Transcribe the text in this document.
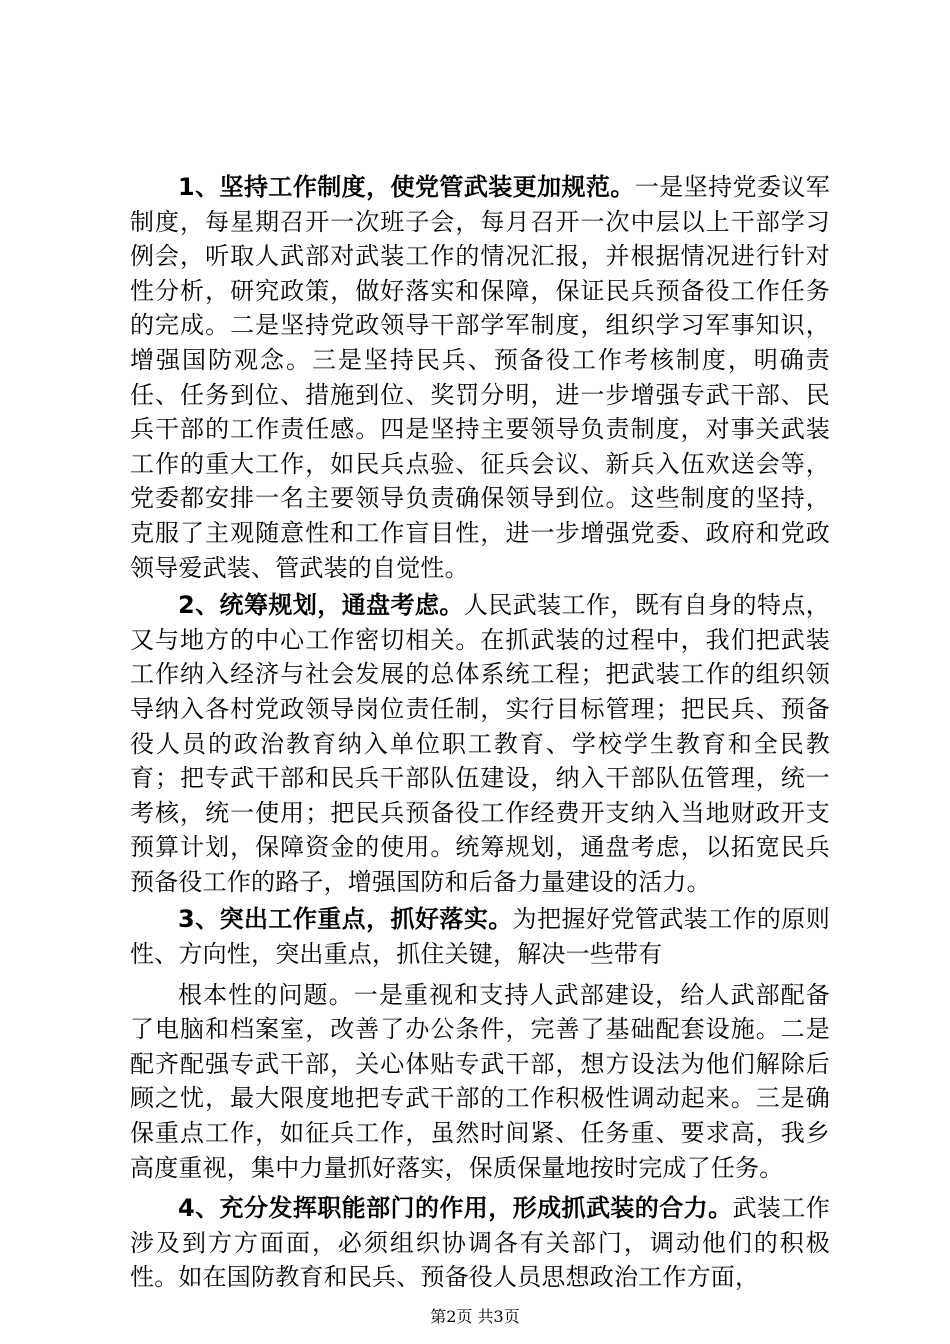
1、坚持工作制度，使党管武装更加规范。一是坚持党委议军制度，每星期召开一次班子会，每月召开一次中层以上干部学习例会，听取人武部对武装工作的情况汇报，并根据情况进行针对性分析，研究政策，做好落实和保障，保证民兵预备役工作任务的完成。二是坚持党政领导干部学军制度，组织学习军事知识，增强国防观念。三是坚持民兵、预备役工作考核制度，明确责任、任务到位、措施到位、奖罚分明，进一步增强专武干部、民兵干部的工作责任感。四是坚持主要领导负责制度，对事关武装工作的重大工作，如民兵点验、征兵会议、新兵入伍欢送会等，党委都安排一名主要领导负责确保领导到位。这些制度的坚持，克服了主观随意性和工作盲目性，进一步增强党委、政府和党政领导爱武装、管武装的自觉性。

2、统筹规划，通盘考虑。人民武装工作，既有自身的特点，又与地方的中心工作密切相关。在抓武装的过程中，我们把武装工作纳入经济与社会发展的总体系统工程；把武装工作的组织领导纳入各村党政领导岗位责任制，实行目标管理；把民兵、预备役人员的政治教育纳入单位职工教育、学校学生教育和全民教育；把专武干部和民兵干部队伍建设，纳入干部队伍管理，统一考核，统一使用；把民兵预备役工作经费开支纳入当地财政开支预算计划，保障资金的使用。统筹规划，通盘考虑，以拓宽民兵预备役工作的路子，增强国防和后备力量建设的活力。

3、突出工作重点，抓好落实。为把握好党管武装工作的原则性、方向性，突出重点，抓住关键，解决一些带有

根本性的问题。一是重视和支持人武部建设，给人武部配备了电脑和档案室，改善了办公条件，完善了基础配套设施。二是配齐配强专武干部，关心体贴专武干部，想方设法为他们解除后顾之忧，最大限度地把专武干部的工作积极性调动起来。三是确保重点工作，如征兵工作，虽然时间紧、任务重、要求高，我乡高度重视，集中力量抓好落实，保质保量地按时完成了任务。

4、充分发挥职能部门的作用，形成抓武装的合力。武装工作涉及到方方面面，必须组织协调各有关部门，调动他们的积极性。如在国防教育和民兵、预备役人员思想政治工作方面，

第2页 共3页
